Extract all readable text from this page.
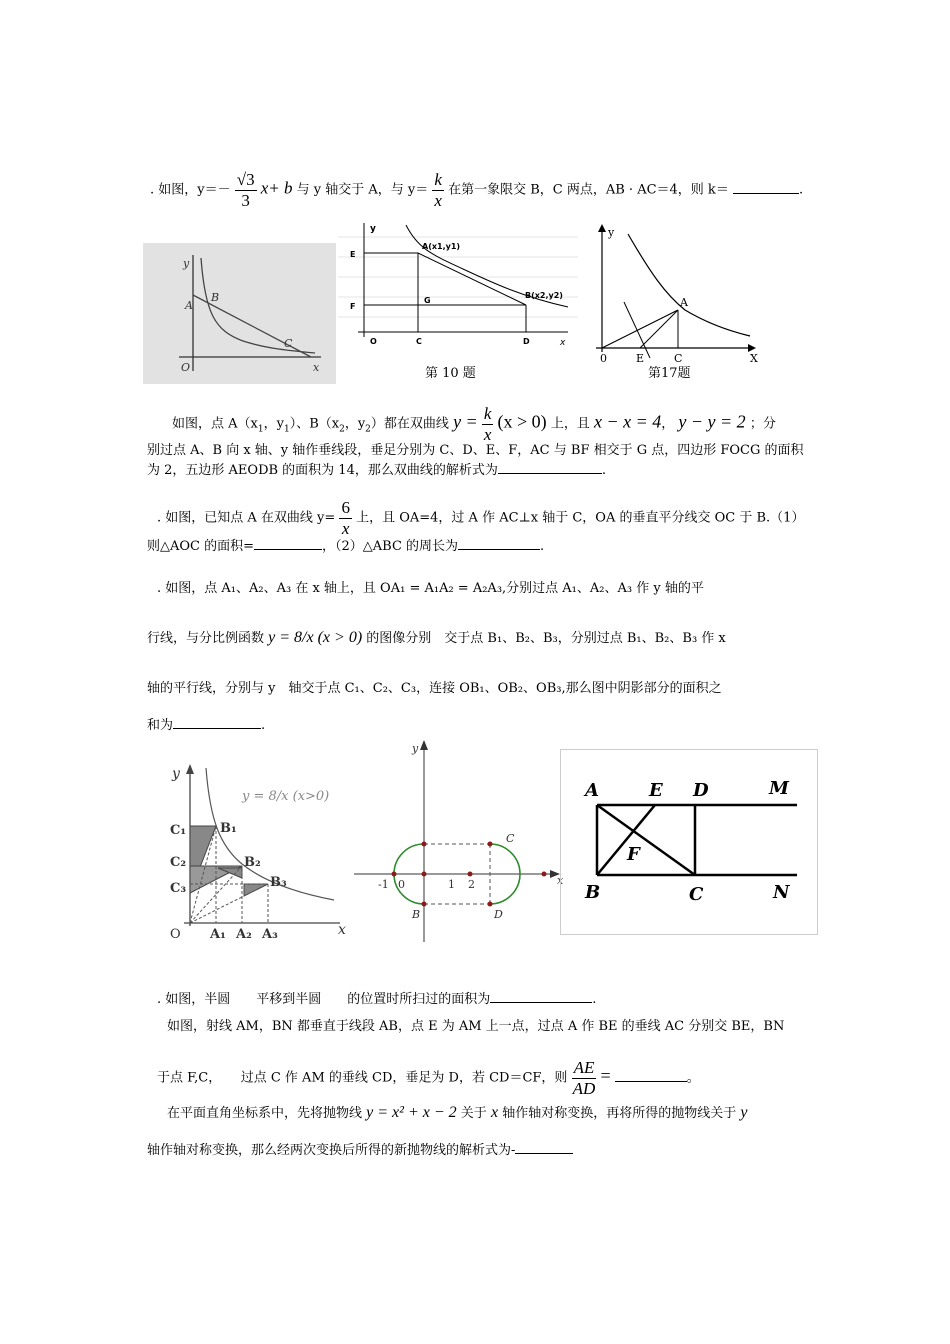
. 如图，$y=- \frac{√3}{3} x+ b$ 与 y 轴交于 A，与 $y= \frac{k}{x}$ 在第一象限交 B，C 两点，AB · AC＝4，则 k＝	.
y
A
B
C
O	x
y
E
F
A(x1,y1)
G
B(x2,y2)
O	C	D	x
第 10 题
y
A
0	E	C	X
第17题
如图，点 $A(x_1$，$y_1$）、$B(x_2$，$y_2$）都在双曲线 $y = \frac{k}{x} (x > 0)$ 上，且 x − x = 4， y − y = 2 ；分
别过点 A、B 向 x 轴、y 轴作垂线段，垂足分别为 C、D、E、F，AC 与 BF 相交于 G 点，四边形 FOCG 的面积
为 2，五边形 AEODB 的面积为 14，那么双曲线的解析式为	.
. 如图，已知点 A 在双曲线 $y= \frac{6}{x}$ 上，且 OA=4，过 A 作 AC⊥x 轴于 C，OA 的垂直平分线交 OC 于 B.（1）
则△AOC 的面积=	，（2）△ABC 的周长为	.
. 如图，点 A₁、A₂、A₃ 在 x 轴上，且 OA₁ = A₁A₂ = A₂A₃,分别过点 A₁、A₂、A₃ 作 y 轴的平
行线，与分比例函数 y = 8/x (x > 0) 的图像分别　交于点 B₁、B₂、B₃，分别过点 B₁、B₂、B₃ 作 x
轴的平行线，分别与 y　轴交于点 C₁、C₂、C₃，连接 OB₁、OB₂、OB₃,那么图中阴影部分的面积之
和为	.
y = 8/x (x>0)
y
C₁
C₂
C₃
B₁
B₂
B₃
O A₁ A₂ A₃	x
y
x
C
D
B
-1 0	1 2
A	E D	M
F
B	C	N
. 如图，半圆　　平移到半圆　　的位置时所扫过的面积为	.
如图，射线 AM，BN 都垂直于线段 AB，点 E 为 AM 上一点，过点 A 作 BE 的垂线 AC 分别交 BE，BN
于点 F,C，　　过点 C 作 AM 的垂线 CD，垂足为 D，若 CD＝CF，则 $\frac{AE}{AD}$ =	。
在平面直角坐标系中，先将抛物线 y = x² + x − 2 关于 x 轴作轴对称变换，再将所得的抛物线关于 y
轴作轴对称变换，那么经两次变换后所得的新抛物线的解析式为-
